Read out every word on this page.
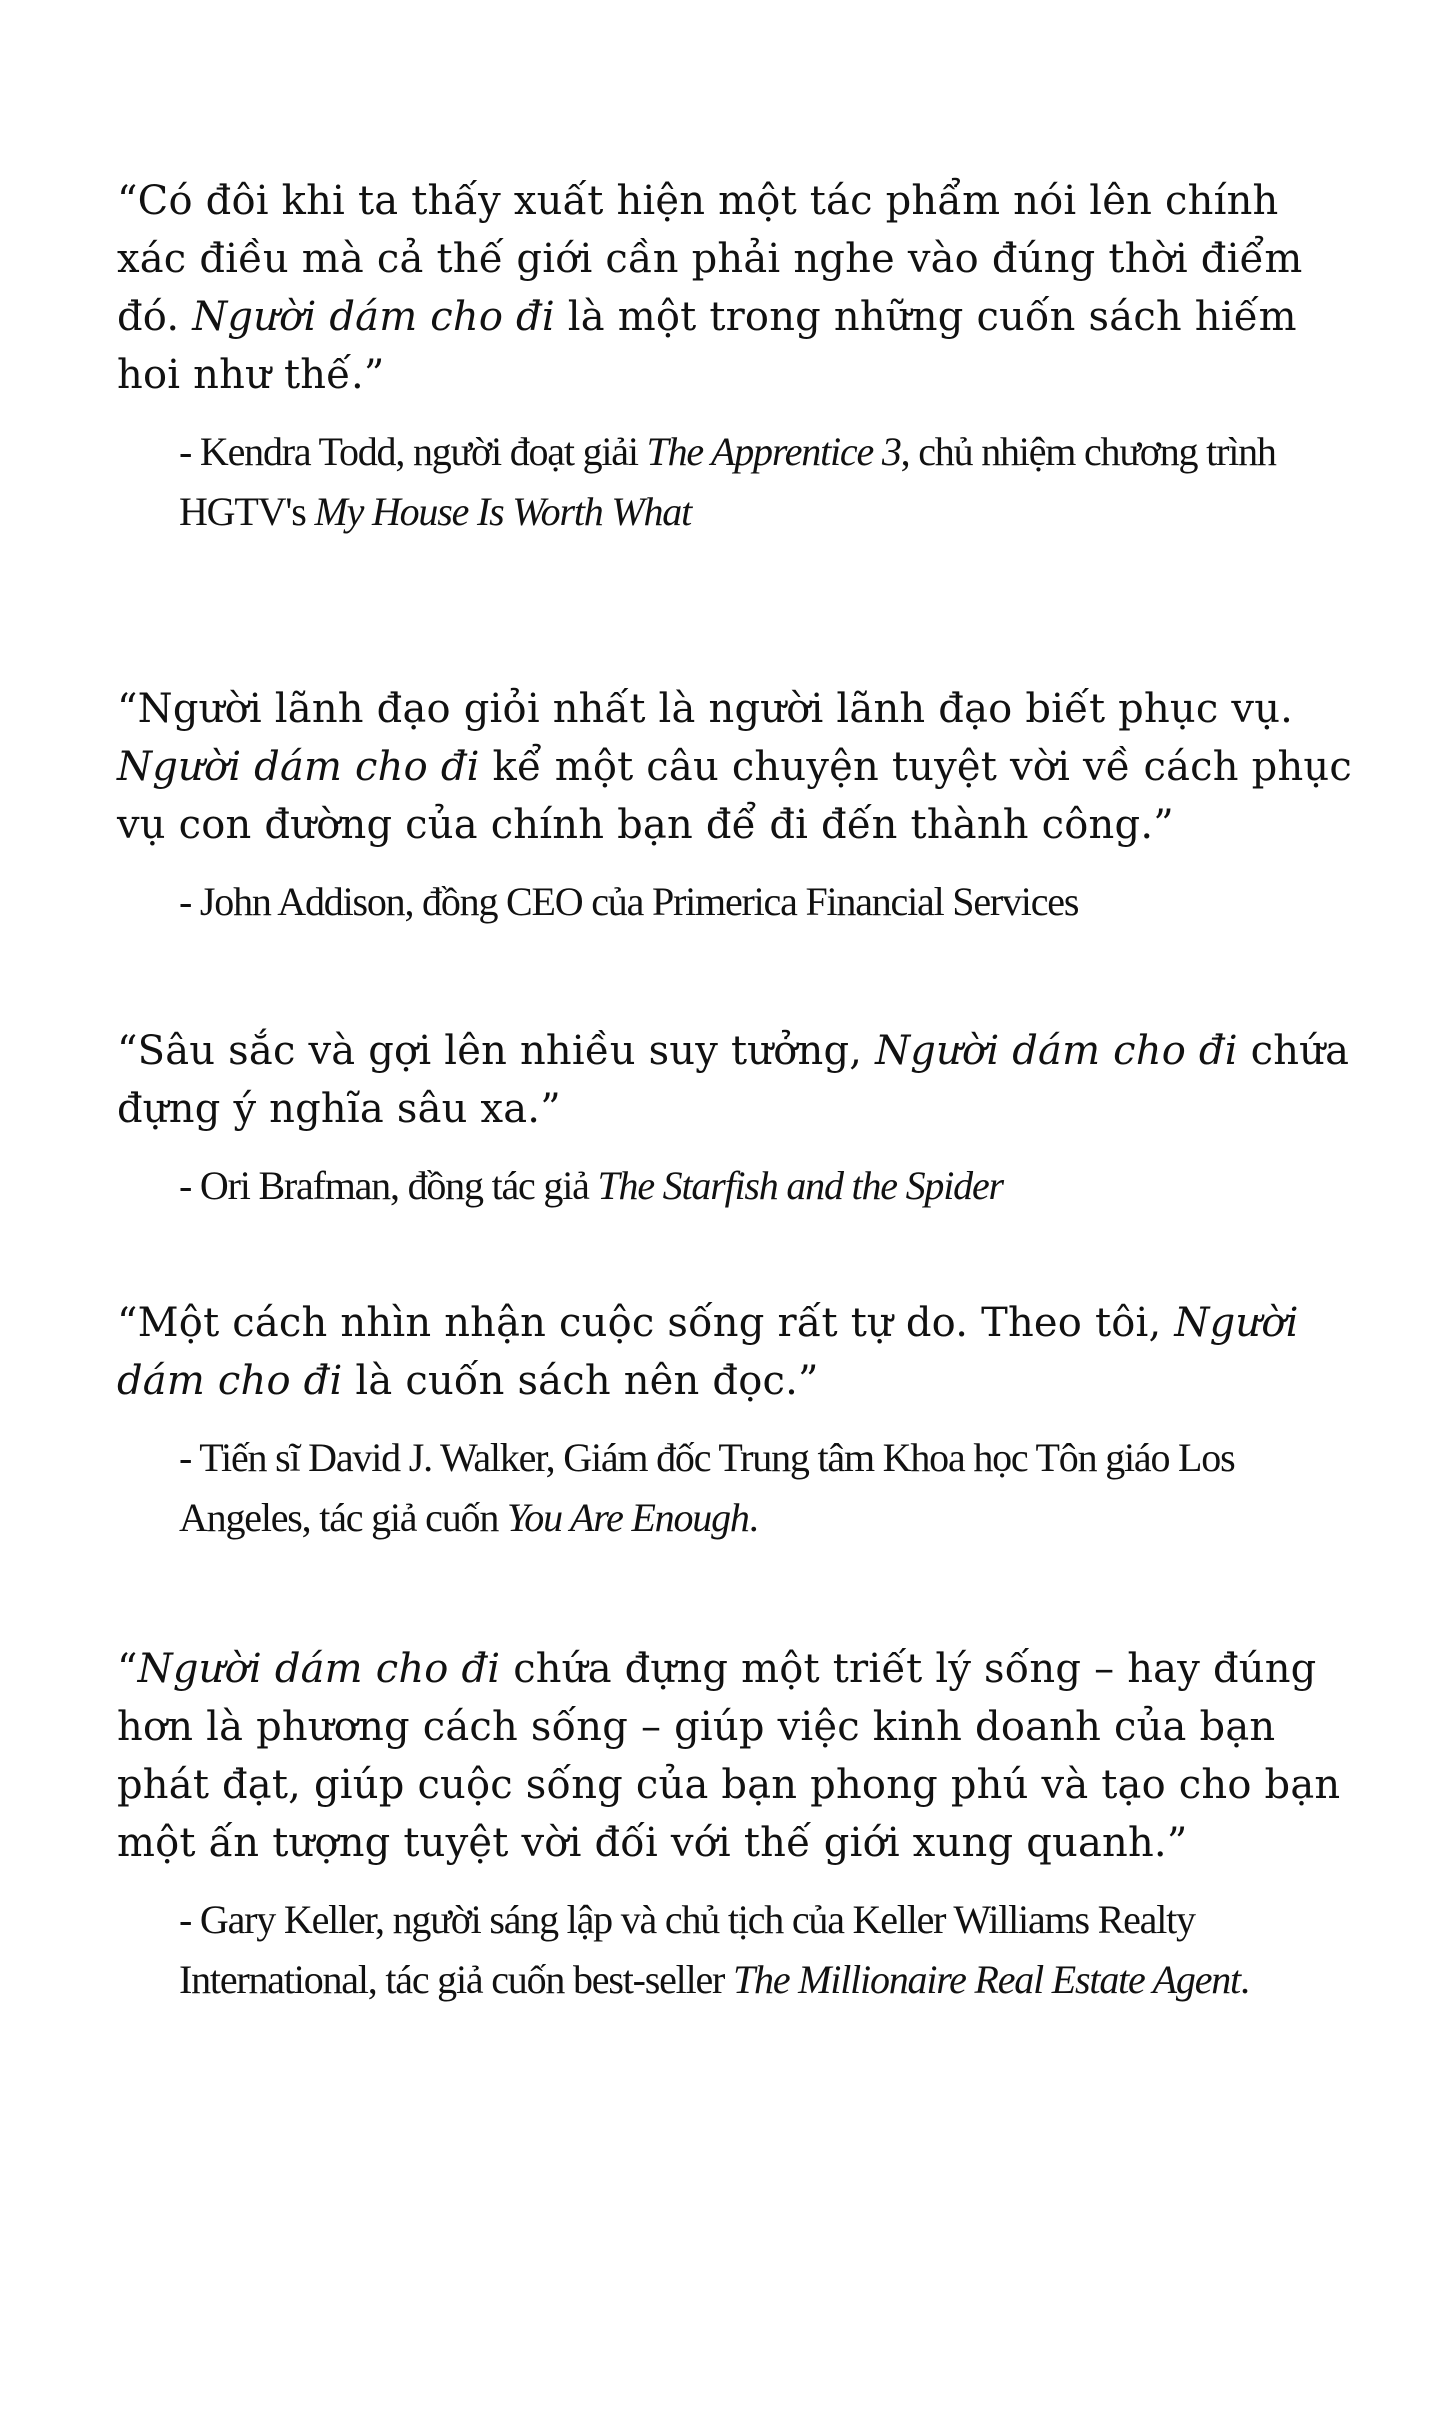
“Có đôi khi ta thấy xuất hiện một tác phẩm nói lên chính xác điều mà cả thế giới cần phải nghe vào đúng thời điểm đó. Người dám cho đi là một trong những cuốn sách hiếm hoi như thế.”

- Kendra Todd, người đoạt giải The Apprentice 3, chủ nhiệm chương trình HGTV's My House Is Worth What

“Người lãnh đạo giỏi nhất là người lãnh đạo biết phục vụ. Người dám cho đi kể một câu chuyện tuyệt vời về cách phục vụ con đường của chính bạn để đi đến thành công.”

- John Addison, đồng CEO của Primerica Financial Services

“Sâu sắc và gợi lên nhiều suy tưởng, Người dám cho đi chứa đựng ý nghĩa sâu xa.”

- Ori Brafman, đồng tác giả The Starfish and the Spider

“Một cách nhìn nhận cuộc sống rất tự do. Theo tôi, Người dám cho đi là cuốn sách nên đọc.”

- Tiến sĩ David J. Walker, Giám đốc Trung tâm Khoa học Tôn giáo Los Angeles, tác giả cuốn You Are Enough.

“Người dám cho đi chứa đựng một triết lý sống – hay đúng hơn là phương cách sống – giúp việc kinh doanh của bạn phát đạt, giúp cuộc sống của bạn phong phú và tạo cho bạn một ấn tượng tuyệt vời đối với thế giới xung quanh.”

- Gary Keller, người sáng lập và chủ tịch của Keller Williams Realty International, tác giả cuốn best-seller The Millionaire Real Estate Agent.
